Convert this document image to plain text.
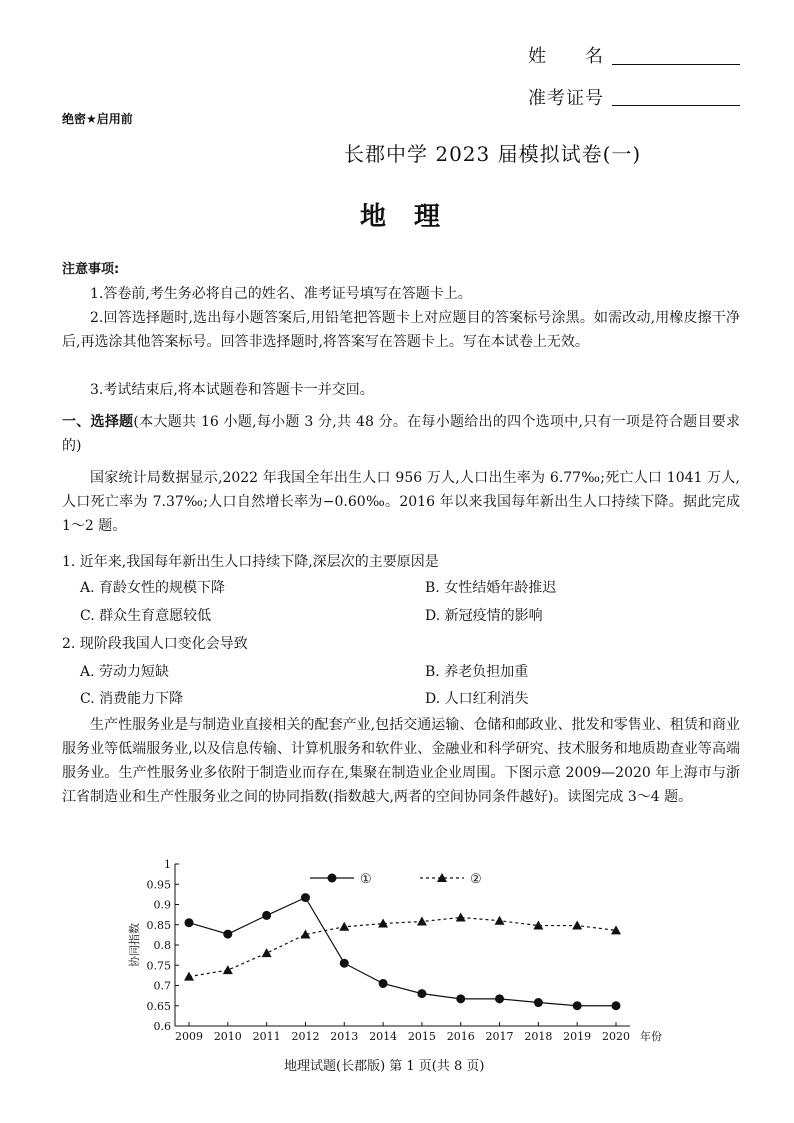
姓　　名
准考证号
绝密★启用前
长郡中学 2023 届模拟试卷(一)
地理
注意事项:
1.答卷前,考生务必将自己的姓名、准考证号填写在答题卡上。
2.回答选择题时,选出每小题答案后,用铅笔把答题卡上对应题目的答案标号涂黑。如需改动,用橡皮擦干净后,再选涂其他答案标号。回答非选择题时,将答案写在答题卡上。写在本试卷上无效。
3.考试结束后,将本试题卷和答题卡一并交回。
一、选择题(本大题共 16 小题,每小题 3 分,共 48 分。在每小题给出的四个选项中,只有一项是符合题目要求的)
国家统计局数据显示,2022 年我国全年出生人口 956 万人,人口出生率为 6.77‰;死亡人口 1041 万人,人口死亡率为 7.37‰;人口自然增长率为−0.60‰。2016 年以来我国每年新出生人口持续下降。据此完成 1～2 题。
1. 近年来,我国每年新出生人口持续下降,深层次的主要原因是
A. 育龄女性的规模下降	B. 女性结婚年龄推迟
C. 群众生育意愿较低	D. 新冠疫情的影响
2. 现阶段我国人口变化会导致
A. 劳动力短缺	B. 养老负担加重
C. 消费能力下降	D. 人口红利消失
生产性服务业是与制造业直接相关的配套产业,包括交通运输、仓储和邮政业、批发和零售业、租赁和商业服务业等低端服务业,以及信息传输、计算机服务和软件业、金融业和科学研究、技术服务和地质勘查业等高端服务业。生产性服务业多依附于制造业而存在,集聚在制造业企业周围。下图示意 2009—2020 年上海市与浙江省制造业和生产性服务业之间的协同指数(指数越大,两者的空间协同条件越好)。读图完成 3～4 题。
0.6
0.65
0.7
0.75
0.8
0.85
0.9
0.95
1
2009 2010 2011 2012 2013 2014 2015 2016 2017 2018 2019 2020 年份
协同指数
①	②
地理试题(长郡版) 第 1 页(共 8 页)
